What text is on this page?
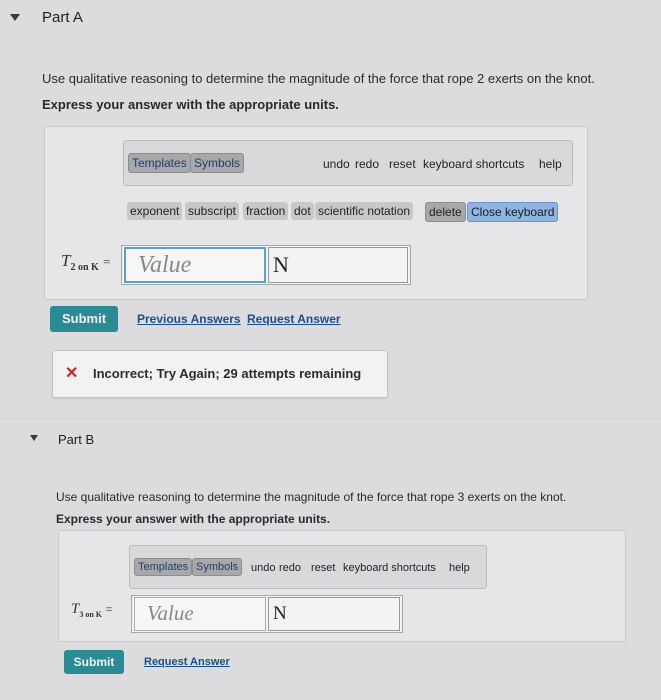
Part A
Use qualitative reasoning to determine the magnitude of the force that rope 2 exerts on the knot.
Express your answer with the appropriate units.
Templates Symbols	undo redo reset keyboard shortcuts help
exponent subscript fraction dot scientific notation	delete Close keyboard
$T_{2 on K}$ =	Value	N
Submit	Previous Answers Request Answer
✕ Incorrect; Try Again; 29 attempts remaining
Part B
Use qualitative reasoning to determine the magnitude of the force that rope 3 exerts on the knot.
Express your answer with the appropriate units.
Templates Symbols	undo redo reset keyboard shortcuts help
$T_{3 on K}$ =	Value	N
Submit	Request Answer
